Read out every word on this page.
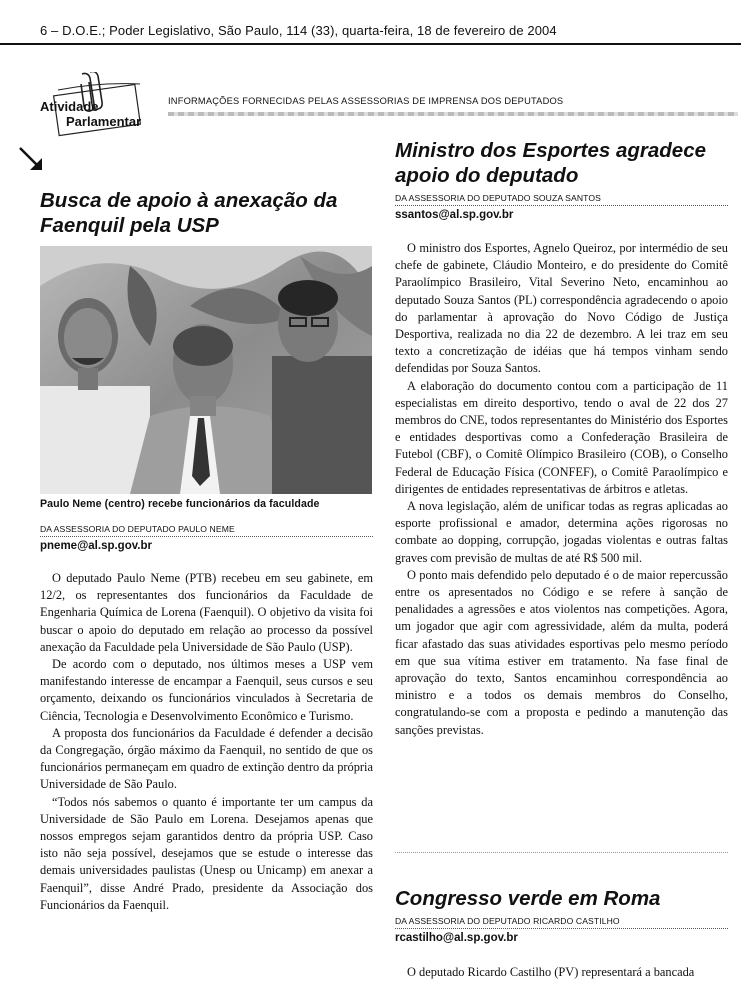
6 – D.O.E.; Poder Legislativo, São Paulo, 114 (33), quarta-feira, 18 de fevereiro de 2004
Atividade
Parlamentar
INFORMAÇÕES FORNECIDAS PELAS ASSESSORIAS DE IMPRENSA DOS DEPUTADOS
Busca de apoio à anexação da Faenquil pela USP
Paulo Neme (centro) recebe funcionários da faculdade
DA ASSESSORIA DO DEPUTADO PAULO NEME
pneme@al.sp.gov.br

O deputado Paulo Neme (PTB) recebeu em seu gabinete, em 12/2, os representantes dos funcionários da Faculdade de Engenharia Química de Lorena (Faenquil). O objetivo da visita foi buscar o apoio do deputado em relação ao processo da possível anexação da Faculdade pela Universidade de São Paulo (USP).

De acordo com o deputado, nos últimos meses a USP vem manifestando interesse de encampar a Faenquil, seus cursos e seu orçamento, deixando os funcionários vinculados à Secretaria de Ciência, Tecnologia e Desenvolvimento Econômico e Turismo.

A proposta dos funcionários da Faculdade é defender a decisão da Congregação, órgão máximo da Faenquil, no sentido de que os funcionários permaneçam em quadro de extinção dentro da própria Universidade de São Paulo.

“Todos nós sabemos o quanto é importante ter um campus da Universidade de São Paulo em Lorena. Desejamos apenas que nossos empregos sejam garantidos dentro da própria USP. Caso isto não seja possível, desejamos que se estude o interesse das demais universidades paulistas (Unesp ou Unicamp) em anexar a Faenquil”, disse André Prado, presidente da Associação dos Funcionários da Faenquil.

Ministro dos Esportes agradece apoio do deputado
DA ASSESSORIA DO DEPUTADO SOUZA SANTOS
ssantos@al.sp.gov.br

O ministro dos Esportes, Agnelo Queiroz, por intermédio de seu chefe de gabinete, Cláudio Monteiro, e do presidente do Comitê Paraolímpico Brasileiro, Vital Severino Neto, encaminhou ao deputado Souza Santos (PL) correspondência agradecendo o apoio do parlamentar à aprovação do Novo Código de Justiça Desportiva, realizada no dia 22 de dezembro. A lei traz em seu texto a concretização de idéias que há tempos vinham sendo defendidas por Souza Santos.

A elaboração do documento contou com a participação de 11 especialistas em direito desportivo, tendo o aval de 22 dos 27 membros do CNE, todos representantes do Ministério dos Esportes e entidades desportivas como a Confederação Brasileira de Futebol (CBF), o Comitê Olímpico Brasileiro (COB), o Conselho Federal de Educação Física (CONFEF), o Comitê Paraolímpico e dirigentes de entidades representativas de árbitros e atletas.

A nova legislação, além de unificar todas as regras aplicadas ao esporte profissional e amador, determina ações rigorosas no combate ao dopping, corrupção, jogadas violentas e outras faltas graves com previsão de multas de até R$ 500 mil.

O ponto mais defendido pelo deputado é o de maior repercussão entre os apresentados no Código e se refere à sanção de penalidades a agressões e atos violentos nas competições. Agora, um jogador que agir com agressividade, além da multa, poderá ficar afastado das suas atividades esportivas pelo mesmo período em que sua vítima estiver em tratamento. Na fase final de aprovação do texto, Santos encaminhou correspondência ao ministro e a todos os demais membros do Conselho, congratulando-se com a proposta e pedindo a manutenção das sanções previstas.

Congresso verde em Roma
DA ASSESSORIA DO DEPUTADO RICARDO CASTILHO
rcastilho@al.sp.gov.br

O deputado Ricardo Castilho (PV) representará a bancada
